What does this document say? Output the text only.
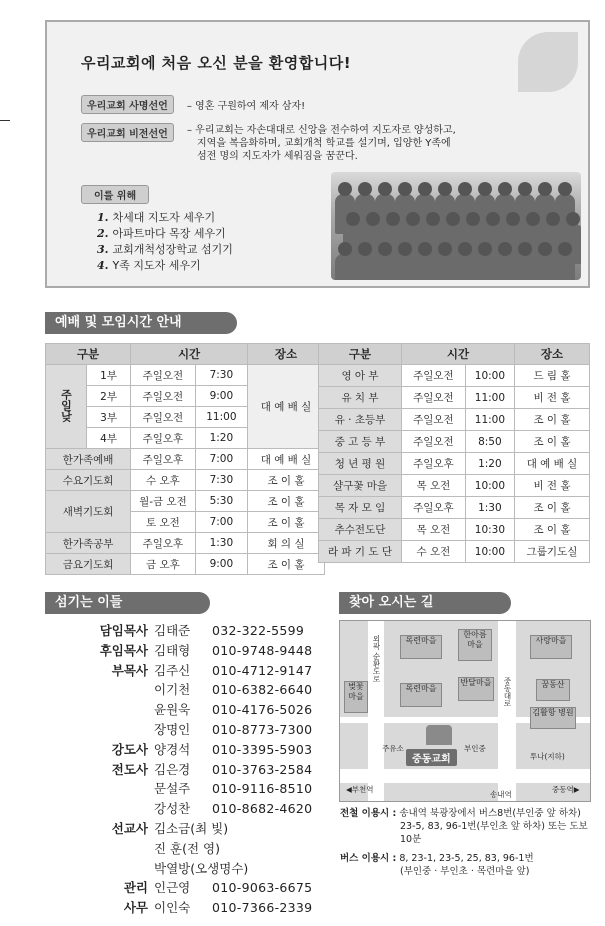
우리교회에 처음 오신 분을 환영합니다!
우리교회 사명선언 – 영혼 구원하여 제자 삼자!
우리교회 비전선언	– 우리교회는 자손대대로 신앙을 전수하여 지도자로 양성하고,
지역을 복음화하며, 교회개척 학교를 설기며, 입양한 Y족에
섬전 명의 지도자가 세워짐을 꿈꾼다.
이를 위해
1. 차세대 지도자 세우기
2. 아파트마다 목장 세우기
3. 교회개척성장학교 섬기기
4. Y족 지도자 세우기
예배 및 모임시간 안내
구분		시간		장소
주일낮	1부	주일오전	7:30	대 예 배 실
	2부	주일오전	9:00	
	3부	주일오전	11:00	
	4부	주일오후	1:20	
한가족예배		주일오후	7:00	대 예 배 실
수요기도회		수 오후	7:30	조 이 홀
새벽기도회		월-금 오전	5:30	조 이 홀
		토 오전	7:00	조 이 홀
한가족공부		주일오후	1:30	회 의 실
금요기도회		금 오후	9:00	조 이 홀
구분	시간		장소
영 아 부	주일오전	10:00	드 림 홀
유 치 부	주일오전	11:00	비 전 홀
유 · 초등부	주일오전	11:00	조 이 홀
중 고 등 부	주일오전	8:50	조 이 홀
청 년 평 원	주일오후	1:20	대 예 배 실
샬구꽃 마을	목 오전	10:00	비 전 홀
목 자 모 임	주일오후	1:30	조 이 홀
추수전도단	목 오전	10:30	조 이 홀
라 파 기 도 단	수 오전	10:00	그룹기도실
섬기는 이들
담임목사 김태준 032-322-5599
후임목사 김태형 010-9748-9448
부목사 김주신 010-4712-9147
이기천 010-6382-6640
윤원욱 010-4176-5026
장명인 010-8773-7300
강도사 양경석 010-3395-5903
전도사 김은경 010-3763-2584
문설주 010-9116-8510
강성찬 010-8682-4620
선교사 김소금(최 빛)
진 훈(전 영)
박열방(오생명수)
관리 인근영 010-9063-6675
사무 이인숙 010-7366-2339
찾아 오시는 길
목련마을
한아름 마을	사랑마을
벚꽃마을
목련마을
반달마을	꿈동산
김활항 병원
주유소	부인중
투나(지하)
◀부천역
송내역
중동역▶
외곽 순환도로
중동대로
중동교회
전철 이용시 : 송내역 북광장에서 버스8번(부인중 앞 하차)
23-5, 83, 96-1번(부인초 앞 하차) 또는 도보 10분
버스 이용시 : 8, 23-1, 23-5, 25, 83, 96-1번
(부인중 · 부인초 · 목련마을 앞)
